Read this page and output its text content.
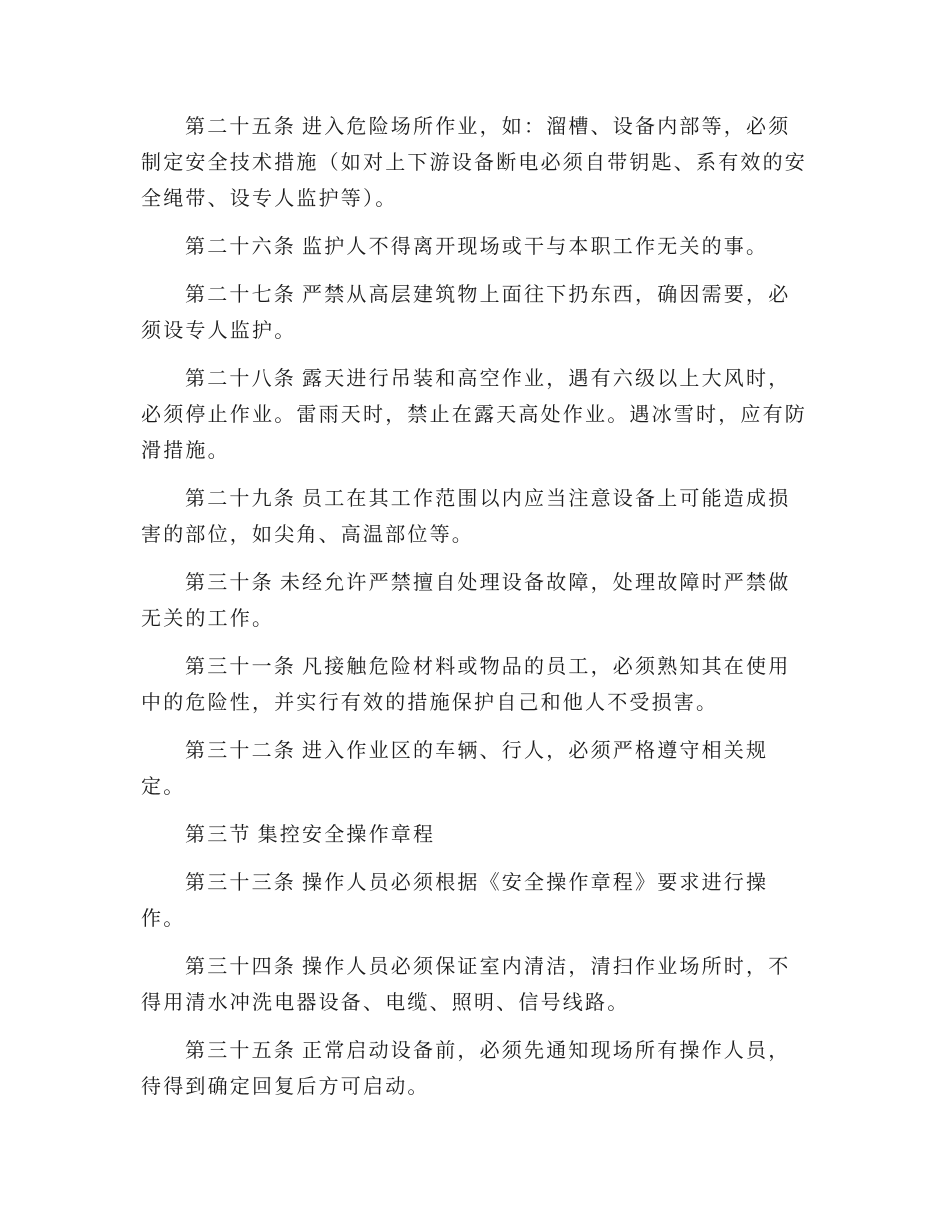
第二十五条 进入危险场所作业，如：溜槽、设备内部等，必须制定安全技术措施（如对上下游设备断电必须自带钥匙、系有效的安全绳带、设专人监护等）。

第二十六条 监护人不得离开现场或干与本职工作无关的事。

第二十七条 严禁从高层建筑物上面往下扔东西，确因需要，必须设专人监护。

第二十八条 露天进行吊装和高空作业，遇有六级以上大风时，必须停止作业。雷雨天时，禁止在露天高处作业。遇冰雪时，应有防滑措施。

第二十九条 员工在其工作范围以内应当注意设备上可能造成损害的部位，如尖角、高温部位等。

第三十条 未经允许严禁擅自处理设备故障，处理故障时严禁做无关的工作。

第三十一条 凡接触危险材料或物品的员工，必须熟知其在使用中的危险性，并实行有效的措施保护自己和他人不受损害。

第三十二条 进入作业区的车辆、行人，必须严格遵守相关规定。

第三节 集控安全操作章程

第三十三条 操作人员必须根据《安全操作章程》要求进行操作。

第三十四条 操作人员必须保证室内清洁，清扫作业场所时，不得用清水冲洗电器设备、电缆、照明、信号线路。

第三十五条 正常启动设备前，必须先通知现场所有操作人员，待得到确定回复后方可启动。
